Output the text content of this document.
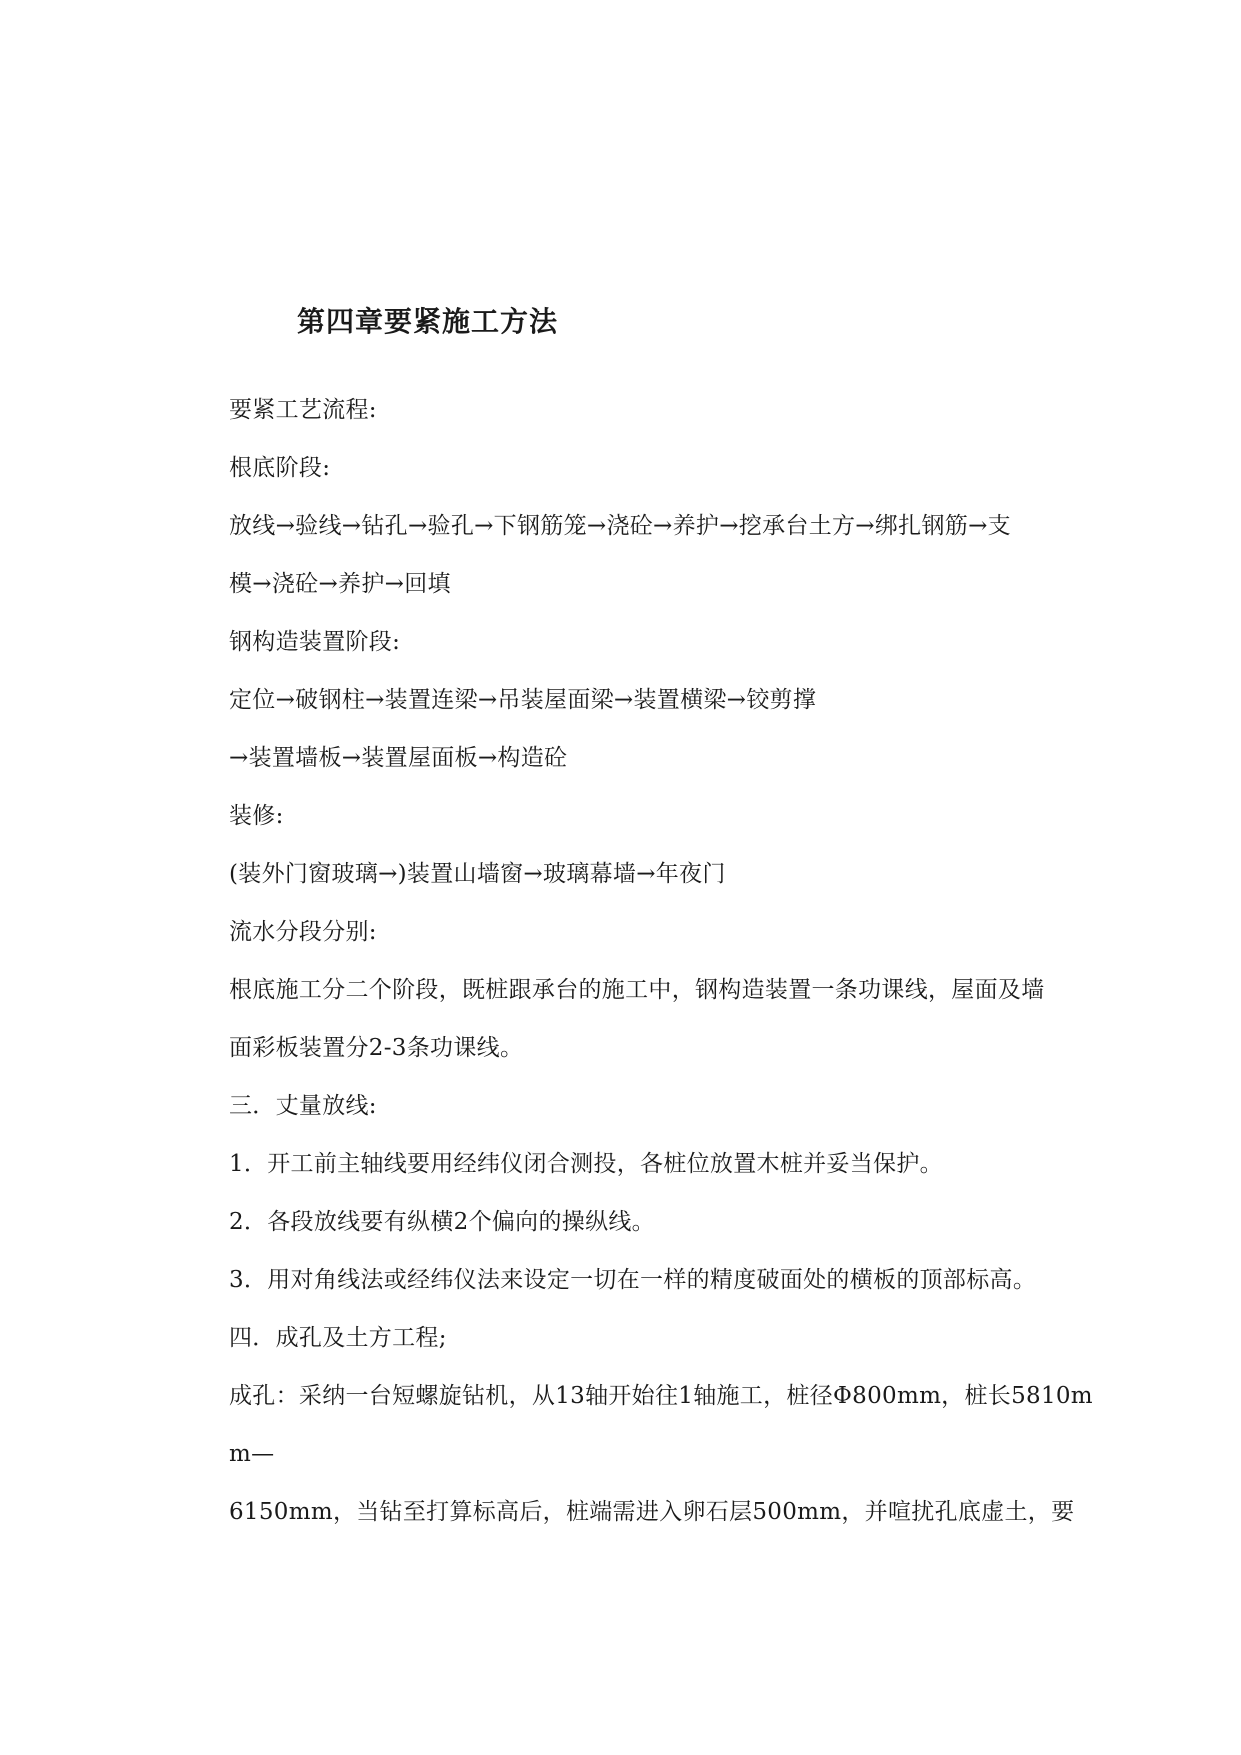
第四章要紧施工方法
要紧工艺流程:
根底阶段:
放线→验线→钻孔→验孔→下钢筋笼→浇砼→养护→挖承台土方→绑扎钢筋→支
模→浇砼→养护→回填
钢构造装置阶段:
定位→破钢柱→装置连梁→吊装屋面梁→装置横梁→铰剪撑
→装置墙板→装置屋面板→构造砼
装修:
(装外门窗玻璃→)装置山墙窗→玻璃幕墙→年夜门
流水分段分别:
根底施工分二个阶段，既桩跟承台的施工中，钢构造装置一条功课线，屋面及墙
面彩板装置分2-3条功课线。
三．丈量放线:
1．开工前主轴线要用经纬仪闭合测投，各桩位放置木桩并妥当保护。
2．各段放线要有纵横2个偏向的操纵线。
3．用对角线法或经纬仪法来设定一切在一样的精度破面处的横板的顶部标高。
四．成孔及土方工程;
成孔：采纳一台短螺旋钻机，从13轴开始往1轴施工，桩径Φ800mm，桩长5810m
m—
6150mm，当钻至打算标高后，桩端需进入卵石层500mm，并喧扰孔底虚土，要
